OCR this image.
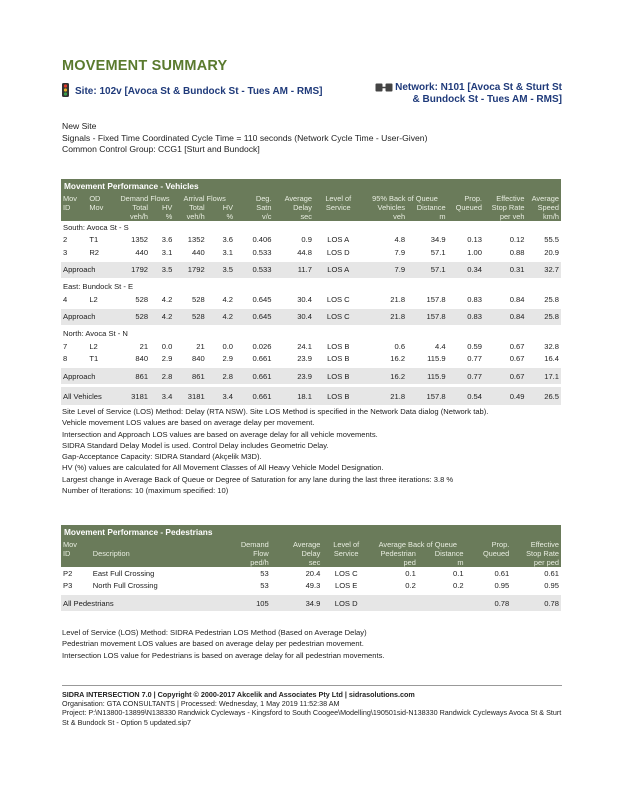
MOVEMENT SUMMARY
Site: 102v [Avoca St & Bundock St - Tues AM - RMS]	Network: N101 [Avoca St & Sturt St & Bundock St - Tues AM - RMS]
New Site
Signals - Fixed Time Coordinated Cycle Time = 110 seconds (Network Cycle Time - User-Given)
Common Control Group: CCG1 [Sturt and Bundock]
Movement Performance - Vehicles													
Mov	OD	Demand Flows		Arrival Flows		Deg.	Average	Level of	95% Back of Queue		Prop.	Effective	Average
ID	Mov	Total	HV	Total	HV	Satn	Delay	Service	Vehicles	Distance	Queued	Stop Rate	Speed
		veh/h	%	veh/h	%	v/c	sec		veh	m		per veh	km/h
South: Avoca St - S													
2	T1	1352	3.6	1352	3.6	0.406	0.9	LOS A	4.8	34.9	0.13	0.12	55.5
3	R2	440	3.1	440	3.1	0.533	44.8	LOS D	7.9	57.1	1.00	0.88	20.9

Approach		1792	3.5	1792	3.5	0.533	11.7	LOS A	7.9	57.1	0.34	0.31	32.7

East: Bundock St - E													
4	L2	528	4.2	528	4.2	0.645	30.4	LOS C	21.8	157.8	0.83	0.84	25.8

Approach		528	4.2	528	4.2	0.645	30.4	LOS C	21.8	157.8	0.83	0.84	25.8

North: Avoca St - N													
7	L2	21	0.0	21	0.0	0.026	24.1	LOS B	0.6	4.4	0.59	0.67	32.8
8	T1	840	2.9	840	2.9	0.661	23.9	LOS B	16.2	115.9	0.77	0.67	16.4

Approach		861	2.8	861	2.8	0.661	23.9	LOS B	16.2	115.9	0.77	0.67	17.1

All Vehicles		3181	3.4	3181	3.4	0.661	18.1	LOS B	21.8	157.8	0.54	0.49	26.5
Site Level of Service (LOS) Method: Delay (RTA NSW). Site LOS Method is specified in the Network Data dialog (Network tab).
Vehicle movement LOS values are based on average delay per movement.
Intersection and Approach LOS values are based on average delay for all vehicle movements.
SIDRA Standard Delay Model is used. Control Delay includes Geometric Delay.
Gap-Acceptance Capacity: SIDRA Standard (Akçelik M3D).
HV (%) values are calculated for All Movement Classes of All Heavy Vehicle Model Designation.
Largest change in Average Back of Queue or Degree of Saturation for any lane during the last three iterations: 3.8 %
Number of Iterations: 10 (maximum specified: 10)
Movement Performance - Pedestrians								
Mov		Demand	Average	Level of	Average Back of Queue		Prop.	Effective
ID	Description	Flow	Delay	Service	Pedestrian	Distance	Queued	Stop Rate
		ped/h	sec		ped	m		per ped
P2	East Full Crossing	53	20.4	LOS C	0.1	0.1	0.61	0.61
P3	North Full Crossing	53	49.3	LOS E	0.2	0.2	0.95	0.95

All Pedestrians		105	34.9	LOS D			0.78	0.78
Level of Service (LOS) Method: SIDRA Pedestrian LOS Method (Based on Average Delay)
Pedestrian movement LOS values are based on average delay per pedestrian movement.
Intersection LOS value for Pedestrians is based on average delay for all pedestrian movements.
SIDRA INTERSECTION 7.0 | Copyright © 2000-2017 Akcelik and Associates Pty Ltd | sidrasolutions.com
Organisation: GTA CONSULTANTS | Processed: Wednesday, 1 May 2019 11:52:38 AM
Project: P:\N13800-13899\N138330 Randwick Cycleways - Kingsford to South Coogee\Modelling\190501sid-N138330 Randwick Cycleways Avoca St & Sturt St & Bundock St - Option 5 updated.sip7
